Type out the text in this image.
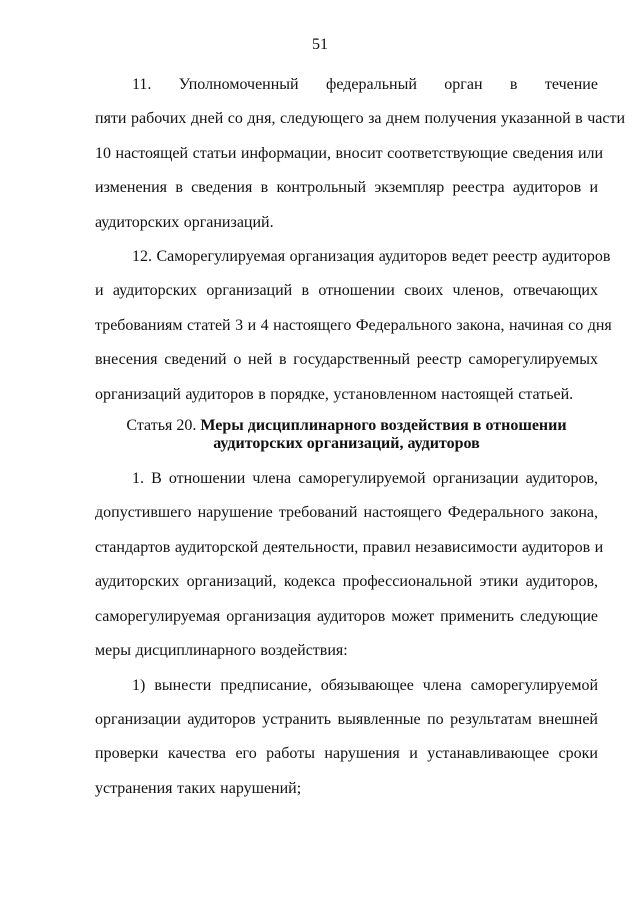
51

11. Уполномоченный федеральный орган в течение
пяти рабочих дней со дня, следующего за днем получения указанной в части
10 настоящей статьи информации, вносит соответствующие сведения или
изменения в сведения в контрольный экземпляр реестра аудиторов и
аудиторских организаций.

12. Саморегулируемая организация аудиторов ведет реестр аудиторов
и аудиторских организаций в отношении своих членов, отвечающих
требованиям статей 3 и 4 настоящего Федерального закона, начиная со дня
внесения сведений о ней в государственный реестр саморегулируемых
организаций аудиторов в порядке, установленном настоящей статьей.

Статья 20. Меры дисциплинарного воздействия в отношении
аудиторских организаций, аудиторов

1. В отношении члена саморегулируемой организации аудиторов,
допустившего нарушение требований настоящего Федерального закона,
стандартов аудиторской деятельности, правил независимости аудиторов и
аудиторских организаций, кодекса профессиональной этики аудиторов,
саморегулируемая организация аудиторов может применить следующие
меры дисциплинарного воздействия:

1) вынести предписание, обязывающее члена саморегулируемой
организации аудиторов устранить выявленные по результатам внешней
проверки качества его работы нарушения и устанавливающее сроки
устранения таких нарушений;
